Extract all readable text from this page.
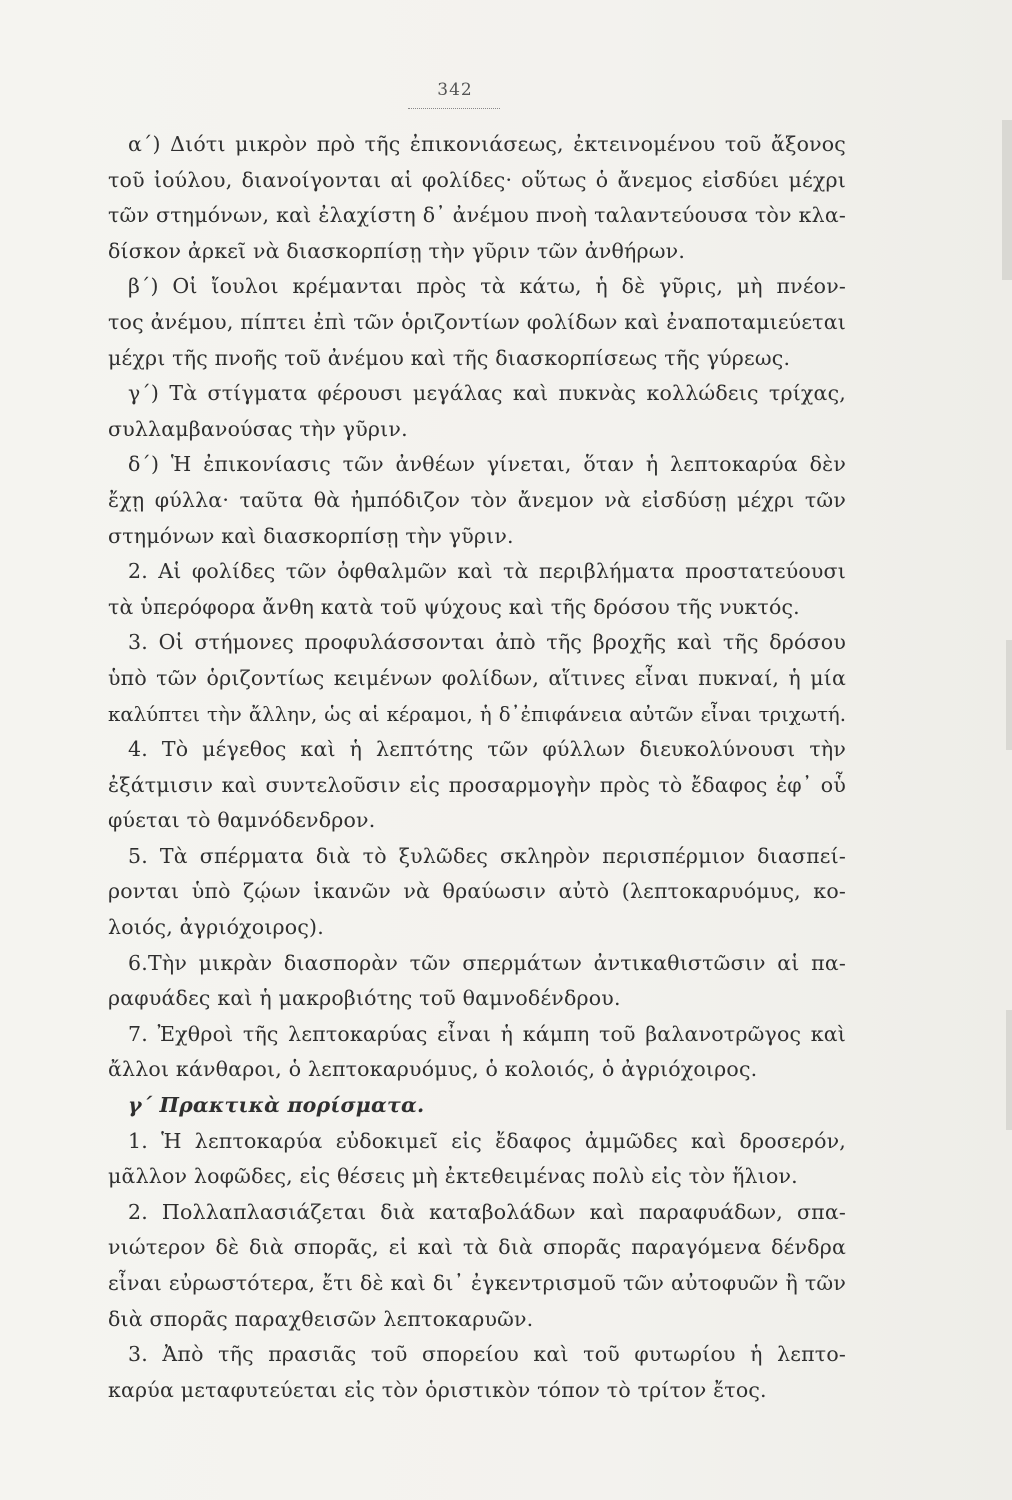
342
α΄) Διότι μικρὸν πρὸ τῆς ἐπικονιάσεως, ἐκτεινομένου τοῦ ἄξονος
τοῦ ἰούλου, διανοίγονται αἱ φολίδες· οὕτως ὁ ἄνεμος εἰσδύει μέχρι
τῶν στημόνων, καὶ ἐλαχίστη δ᾽ ἀνέμου πνοὴ ταλαντεύουσα τὸν κλα-
δίσκον ἀρκεῖ νὰ διασκορπίσῃ τὴν γῦριν τῶν ἀνθήρων.
β΄) Οἱ ἴουλοι κρέμανται πρὸς τὰ κάτω, ἡ δὲ γῦρις, μὴ πνέον-
τος ἀνέμου, πίπτει ἐπὶ τῶν ὁριζοντίων φολίδων καὶ ἐναποταμιεύεται
μέχρι τῆς πνοῆς τοῦ ἀνέμου καὶ τῆς διασκορπίσεως τῆς γύρεως.
γ΄) Τὰ στίγματα φέρουσι μεγάλας καὶ πυκνὰς κολλώδεις τρίχας,
συλλαμβανούσας τὴν γῦριν.
δ΄) Ἡ ἐπικονίασις τῶν ἀνθέων γίνεται, ὅταν ἡ λεπτοκαρύα δὲν
ἔχῃ φύλλα· ταῦτα θὰ ἠμπόδιζον τὸν ἄνεμον νὰ εἰσδύσῃ μέχρι τῶν
στημόνων καὶ διασκορπίσῃ τὴν γῦριν.
2. Αἱ φολίδες τῶν ὀφθαλμῶν καὶ τὰ περιβλήματα προστατεύουσι
τὰ ὑπερόφορα ἄνθη κατὰ τοῦ ψύχους καὶ τῆς δρόσου τῆς νυκτός.
3. Οἱ στήμονες προφυλάσσονται ἀπὸ τῆς βροχῆς καὶ τῆς δρόσου
ὑπὸ τῶν ὁριζοντίως κειμένων φολίδων, αἵτινες εἶναι πυκναί, ἡ μία
καλύπτει τὴν ἄλλην, ὡς αἱ κέραμοι, ἡ δ᾽ἐπιφάνεια αὐτῶν εἶναι τριχωτή.
4. Τὸ μέγεθος καὶ ἡ λεπτότης τῶν φύλλων διευκολύνουσι τὴν
ἐξάτμισιν καὶ συντελοῦσιν εἰς προσαρμογὴν πρὸς τὸ ἔδαφος ἐφ᾽ οὗ
φύεται τὸ θαμνόδενδρον.
5. Τὰ σπέρματα διὰ τὸ ξυλῶδες σκληρὸν περισπέρμιον διασπεί-
ρονται ὑπὸ ζῴων ἱκανῶν νὰ θραύωσιν αὐτὸ (λεπτοκαρυόμυς, κο-
λοιός, ἀγριόχοιρος).
6.Τὴν μικρὰν διασπορὰν τῶν σπερμάτων ἀντικαθιστῶσιν αἱ πα-
ραφυάδες καὶ ἡ μακροβιότης τοῦ θαμνοδένδρου.
7. Ἐχθροὶ τῆς λεπτοκαρύας εἶναι ἡ κάμπη τοῦ βαλανοτρῶγος καὶ
ἄλλοι κάνθαροι, ὁ λεπτοκαρυόμυς, ὁ κολοιός, ὁ ἀγριόχοιρος.
γ΄ Πρακτικὰ πορίσματα.
1. Ἡ λεπτοκαρύα εὐδοκιμεῖ εἰς ἔδαφος ἀμμῶδες καὶ δροσερόν,
μᾶλλον λοφῶδες, εἰς θέσεις μὴ ἐκτεθειμένας πολὺ εἰς τὸν ἥλιον.
2. Πολλαπλασιάζεται διὰ καταβολάδων καὶ παραφυάδων, σπα-
νιώτερον δὲ διὰ σπορᾶς, εἰ καὶ τὰ διὰ σπορᾶς παραγόμενα δένδρα
εἶναι εὐρωστότερα, ἔτι δὲ καὶ δι᾽ ἐγκεντρισμοῦ τῶν αὐτοφυῶν ἢ τῶν
διὰ σπορᾶς παραχθεισῶν λεπτοκαρυῶν.
3. Ἀπὸ τῆς πρασιᾶς τοῦ σπορείου καὶ τοῦ φυτωρίου ἡ λεπτο-
καρύα μεταφυτεύεται εἰς τὸν ὁριστικὸν τόπον τὸ τρίτον ἔτος.
